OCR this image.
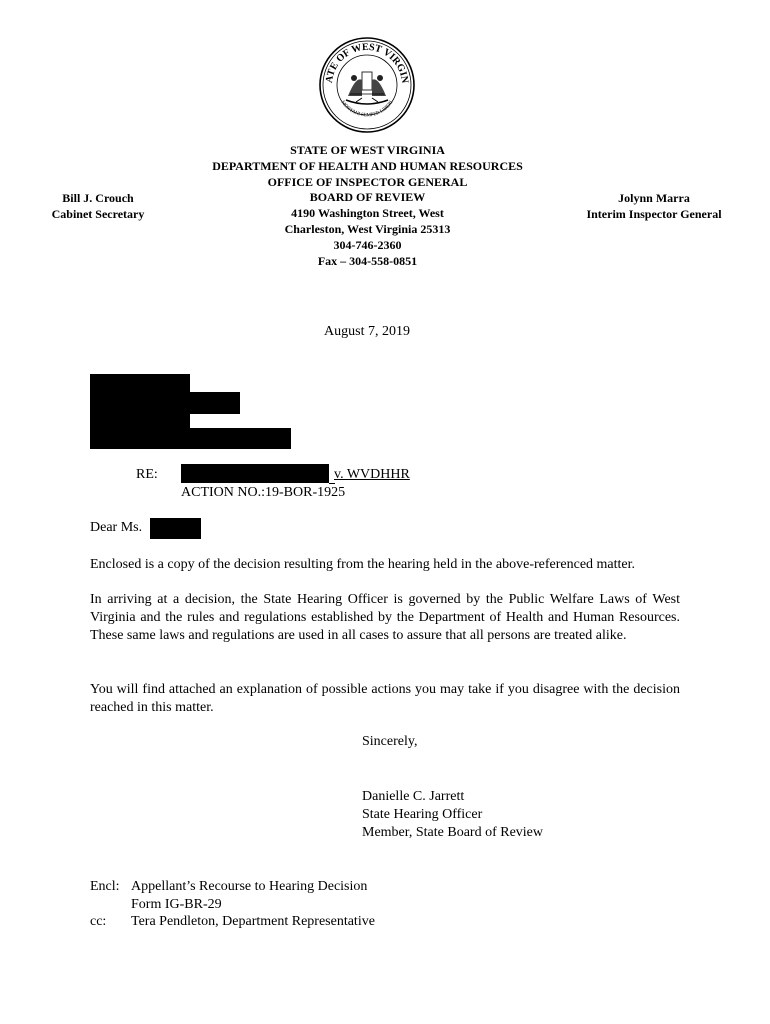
ATE OF WEST VIRGIN
MONTANI SEMPER LIBERI
STATE OF WEST VIRGINIA
DEPARTMENT OF HEALTH AND HUMAN RESOURCES
OFFICE OF INSPECTOR GENERAL
BOARD OF REVIEW
4190 Washington Street, West
Charleston, West Virginia 25313
304-746-2360
Fax – 304-558-0851
Bill J. Crouch
Cabinet Secretary
Jolynn Marra
Interim Inspector General
August 7, 2019
RE:	v. WVDHHR
ACTION NO.:19-BOR-1925
Dear Ms.
Enclosed is a copy of the decision resulting from the hearing held in the above-referenced matter.
In arriving at a decision, the State Hearing Officer is governed by the Public Welfare Laws of West Virginia and the rules and regulations established by the Department of Health and Human Resources. These same laws and regulations are used in all cases to assure that all persons are treated alike.
You will find attached an explanation of possible actions you may take if you disagree with the decision reached in this matter.
Sincerely,
Danielle C. Jarrett
State Hearing Officer
Member, State Board of Review
Encl: Appellant’s Recourse to Hearing Decision
Form IG-BR-29
cc:	Tera Pendleton, Department Representative
